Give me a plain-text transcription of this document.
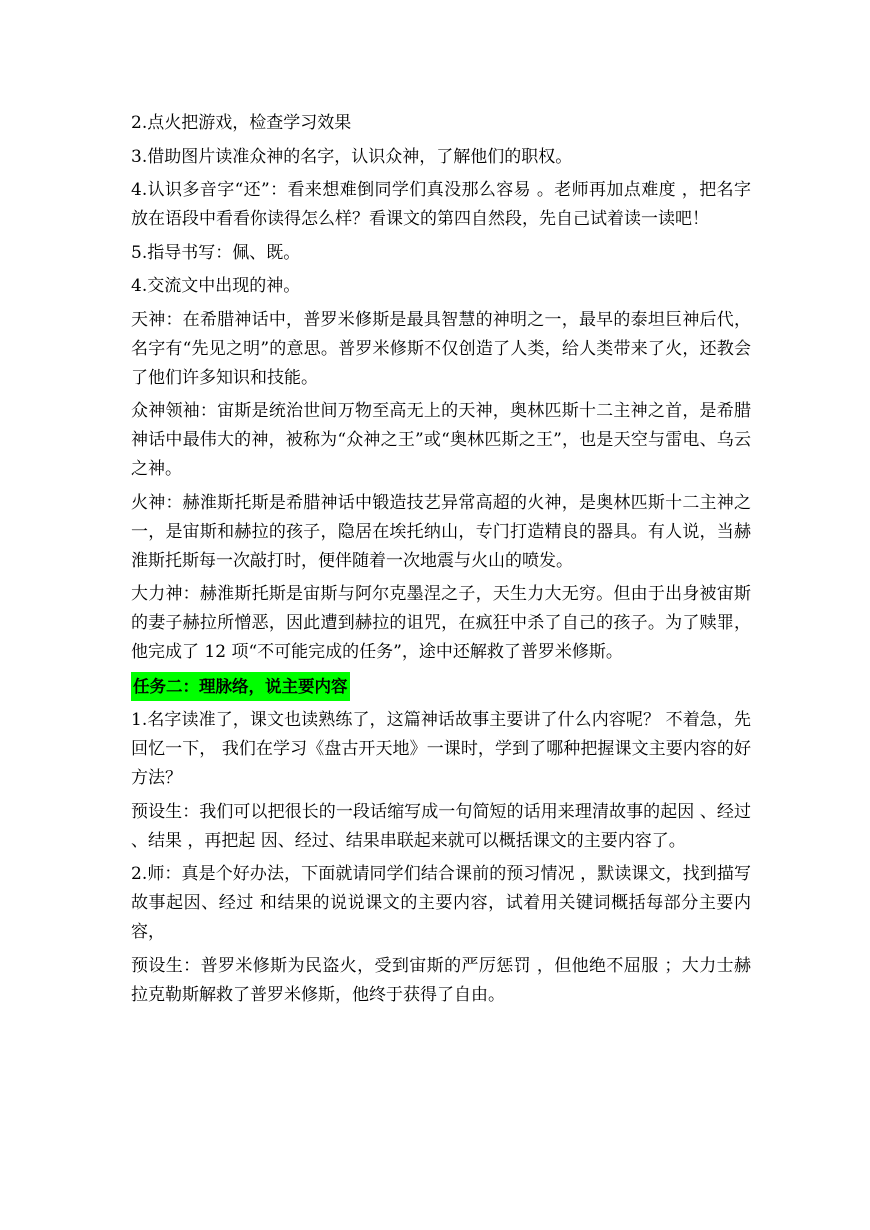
2.点火把游戏，检查学习效果

3.借助图片读准众神的名字，认识众神，了解他们的职权。

4.认识多音字“还”：看来想难倒同学们真没那么容易 。老师再加点难度 ，把名字放在语段中看看你读得怎么样？看课文的第四自然段，先自己试着读一读吧！

5.指导书写：佩、既。

4.交流文中出现的神。

天神：在希腊神话中，普罗米修斯是最具智慧的神明之一，最早的泰坦巨神后代，名字有“先见之明”的意思。普罗米修斯不仅创造了人类，给人类带来了火，还教会了他们许多知识和技能。

众神领袖：宙斯是统治世间万物至高无上的天神，奥林匹斯十二主神之首，是希腊神话中最伟大的神，被称为“众神之王”或“奥林匹斯之王”，也是天空与雷电、乌云之神。

火神：赫淮斯托斯是希腊神话中锻造技艺异常高超的火神，是奥林匹斯十二主神之一，是宙斯和赫拉的孩子，隐居在埃托纳山，专门打造精良的器具。有人说，当赫淮斯托斯每一次敲打时，便伴随着一次地震与火山的喷发。

大力神：赫淮斯托斯是宙斯与阿尔克墨涅之子，天生力大无穷。但由于出身被宙斯的妻子赫拉所憎恶，因此遭到赫拉的诅咒，在疯狂中杀了自己的孩子。为了赎罪，他完成了 12 项“不可能完成的任务”，途中还解救了普罗米修斯。

任务二：理脉络，说主要内容

1.名字读准了，课文也读熟练了，这篇神话故事主要讲了什么内容呢？ 不着急，先回忆一下， 我们在学习《盘古开天地》一课时，学到了哪种把握课文主要内容的好方法？

预设生：我们可以把很长的一段话缩写成一句简短的话用来理清故事的起因 、经过 、结果 ，再把起 因、经过、结果串联起来就可以概括课文的主要内容了。

2.师：真是个好办法，下面就请同学们结合课前的预习情况 ，默读课文，找到描写故事起因、经过 和结果的说说课文的主要内容，试着用关键词概括每部分主要内容，

预设生：普罗米修斯为民盗火，受到宙斯的严厉惩罚 ，但他绝不屈服 ；大力士赫拉克勒斯解救了普罗米修斯，他终于获得了自由。
